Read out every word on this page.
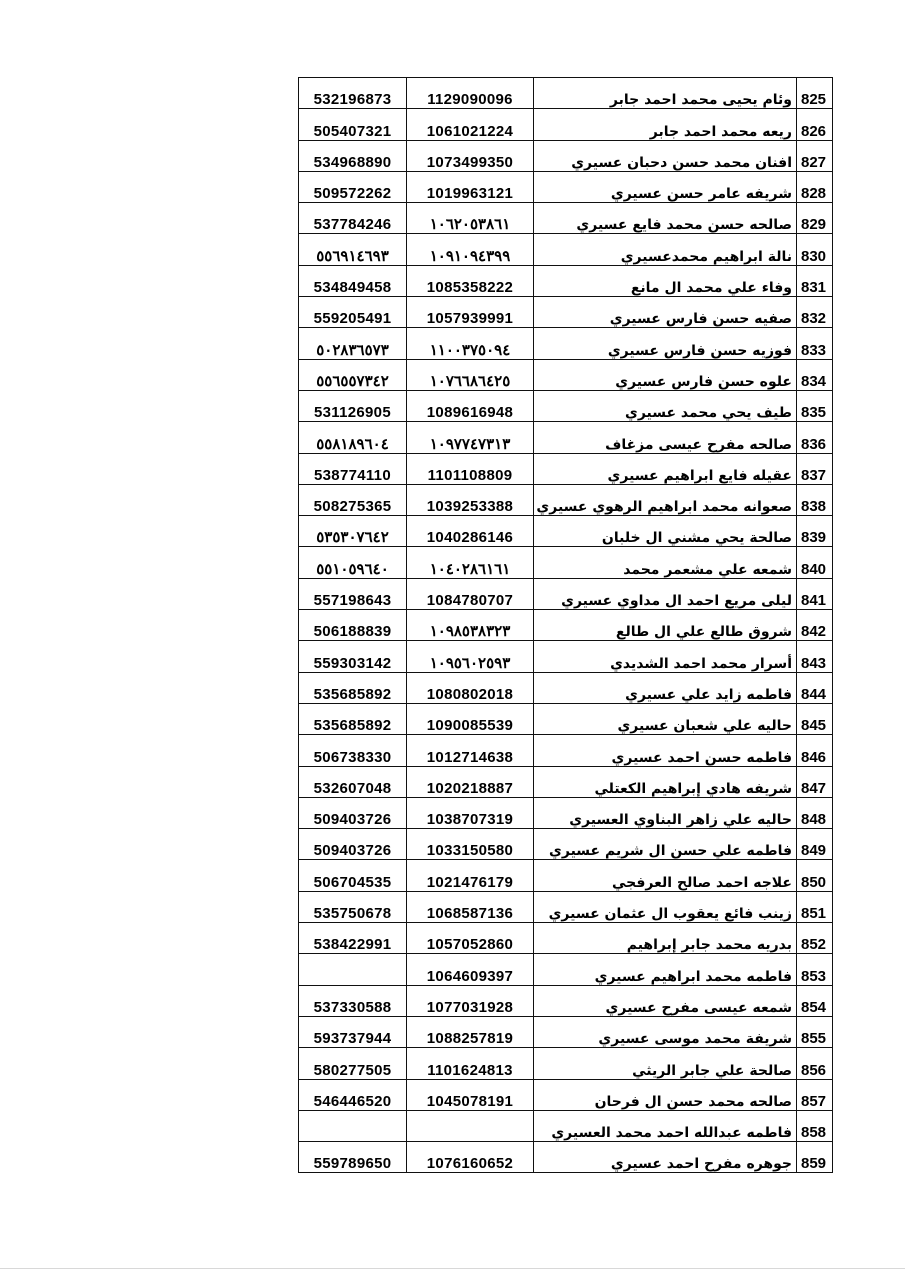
532196873	1129090096	وئام يحيى محمد احمد جابر	825
505407321	1061021224	ريعه محمد احمد جابر	826
534968890	1073499350	افنان محمد حسن دحبان عسيري	827
509572262	1019963121	شريفه عامر حسن عسيري	828
537784246	١٠٦٢٠٥٣٨٦١	صالحه حسن محمد فايع عسيري	829
٥٥٦٩١٤٦٩٣	١٠٩١٠٩٤٣٩٩	نالة ابراهيم محمدعسيري	830
534849458	1085358222	وفاء علي محمد ال مانع	831
559205491	1057939991	صفيه حسن فارس عسيري	832
٥٠٢٨٣٦٥٧٣	١١٠٠٣٧٥٠٩٤	فوزيه حسن فارس عسيري	833
٥٥٦٥٥٧٣٤٢	١٠٧٦٦٨٦٤٢٥	علوه حسن فارس عسيري	834
531126905	1089616948	طيف يحي محمد عسيري	835
٥٥٨١٨٩٦٠٤	١٠٩٧٧٤٧٣١٣	صالحه مفرح عيسى مزغاف	836
538774110	1101108809	عقيله فايع ابراهيم عسيري	837
508275365	1039253388	صعوانه محمد ابراهيم الرهوي عسيري	838
٥٣٥٣٠٧٦٤٢	1040286146	صالحة يحي مشني ال خلبان	839
٥٥١٠٥٩٦٤٠	١٠٤٠٢٨٦١٦١	شمعه علي مشعمر محمد	840
557198643	1084780707	ليلى مريع احمد ال مداوي عسيري	841
506188839	١٠٩٨٥٣٨٣٢٣	شروق طالع علي ال طالع	842
559303142	١٠٩٥٦٠٢٥٩٣	أسرار محمد احمد الشديدي	843
535685892	1080802018	فاطمه زايد علي عسيري	844
535685892	1090085539	حاليه علي شعبان عسيري	845
506738330	1012714638	فاطمه حسن احمد عسيري	846
532607048	1020218887	شريفه هادي إبراهيم الكعتلي	847
509403726	1038707319	حاليه علي زاهر البناوي العسيري	848
509403726	1033150580	فاطمه علي حسن ال شريم عسيري	849
506704535	1021476179	علاجه احمد صالح العرفجي	850
535750678	1068587136	زينب فائع يعقوب ال عثمان عسيري	851
538422991	1057052860	بدريه محمد جابر إبراهيم	852
	1064609397	فاطمه محمد ابراهيم عسيري	853
537330588	1077031928	شمعه عيسى مفرح عسيري	854
593737944	1088257819	شريفة محمد موسى عسيري	855
580277505	1101624813	صالحة علي جابر الريثي	856
546446520	1045078191	صالحه محمد حسن ال فرحان	857
		فاطمه عبدالله احمد محمد العسيري	858
559789650	1076160652	جوهره مفرح احمد عسيري	859
